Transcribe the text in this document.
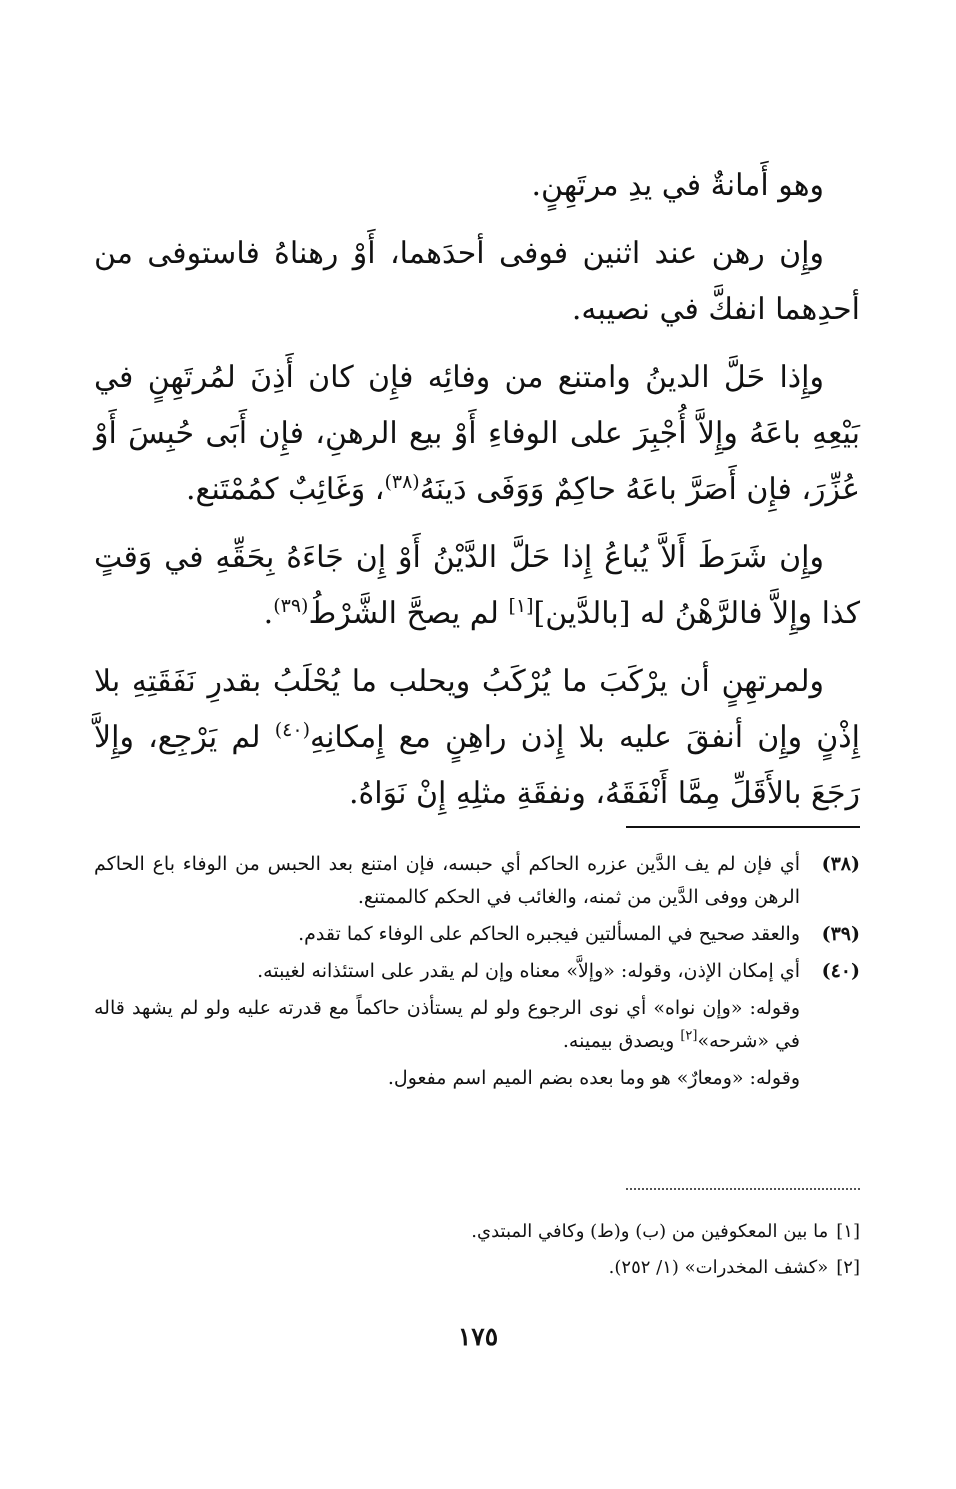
وهو أَمانةٌ في يدِ مرتَهِنٍ.

وإِن رهن عند اثنين فوفى أحدَهما، أَوْ رهناهُ فاستوفى من أحدِهما انفكَّ في نصيبه.

وإِذا حَلَّ الدينُ وامتنع من وفائِه فإِن كان أَذِنَ لمُرتَهِنٍ في بَيْعِهِ باعَهُ وإِلاَّ أُجْبِرَ على الوفاءِ أَوْ بيع الرهنِ، فإِن أَبَى حُبِسَ أَوْ عُزِّرَ، فإِن أَصَرَّ باعَهُ حاكِمٌ وَوَفَى دَينَهُ$^{(٣٨)}$، وَغَائِبٌ كمُمْتَنع.

وإِن شَرَطَ أَلاَّ يُباعُ إِذا حَلَّ الدَّيْنُ أَوْ إِن جَاءَهُ بِحَقِّهِ في وَقتٍ كذا وإِلاَّ فالرَّهْنُ له [بالدَّين][١] لم يصحَّ الشَّرْطُ$^{(٣٩)}$.

ولمرتهِنٍ أن يرْكَبَ ما يُرْكَبُ ويحلب ما يُحْلَبُ بقدرِ نَفَقَتِهِ بلا إِذْنٍ وإِن أنفقَ عليه بلا إِذن راهِنٍ مع إِمكانِهِ$^{(٤٠)}$ لم يَرْجِع، وإِلاَّ رَجَعَ بالأَقَلِّ مِمَّا أَنْفَقَهُ، ونفقَةِ مثلِهِ إِنْ نَوَاهُ.

(٣٨)
أي فإن لم يف الدَّين عزره الحاكم أي حبسه، فإن امتنع بعد الحبس من الوفاء باع الحاكم الرهن ووفى الدَّين من ثمنه، والغائب في الحكم كالممتنع.
(٣٩)
والعقد صحيح في المسألتين فيجبره الحاكم على الوفاء كما تقدم.
(٤٠)
أي إمكان الإذن، وقوله: «وإلاَّ» معناه وإن لم يقدر على استئذانه لغيبته.
وقوله: «وإن نواه» أي نوى الرجوع ولو لم يستأذن حاكماً مع قدرته عليه ولو لم يشهد قاله في «شرحه»[٢] ويصدق بيمينه.
وقوله: «ومعارٌ» هو وما بعده بضم الميم اسم مفعول.
[١]
ما بين المعكوفين من (ب) و(ط) وكافي المبتدي.
[٢]
«كشف المخدرات» (١/ ٢٥٢).
١٧٥
